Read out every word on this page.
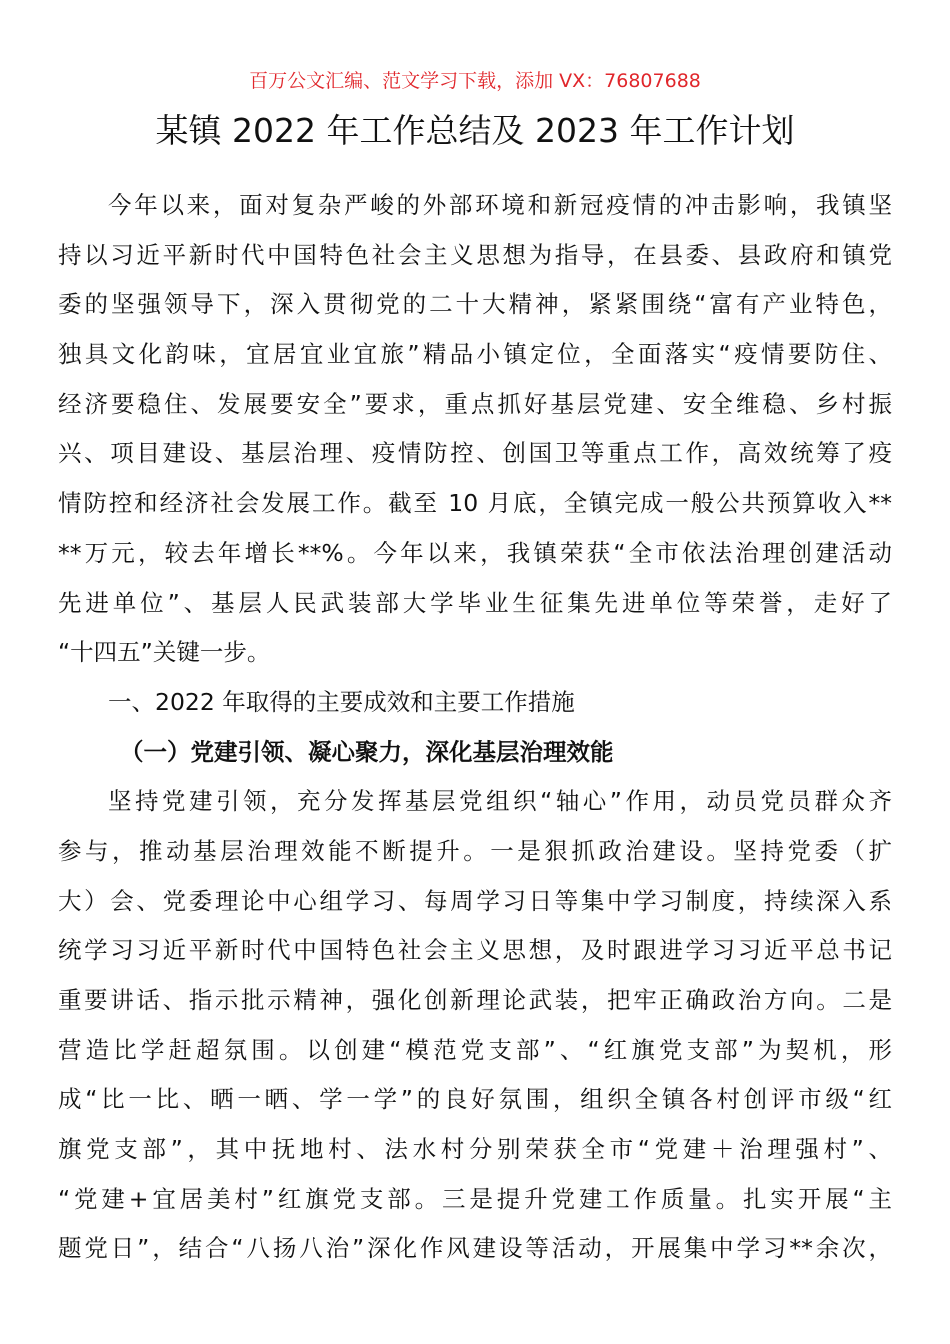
百万公文汇编、范文学习下载，添加 VX：76807688
某镇 2022 年工作总结及 2023 年工作计划
今年以来，面对复杂严峻的外部环境和新冠疫情的冲击影响，我镇坚
持以习近平新时代中国特色社会主义思想为指导，在县委、县政府和镇党
委的坚强领导下，深入贯彻党的二十大精神，紧紧围绕“富有产业特色，
独具文化韵味，宜居宜业宜旅”精品小镇定位，全面落实“疫情要防住、
经济要稳住、发展要安全”要求，重点抓好基层党建、安全维稳、乡村振
兴、项目建设、基层治理、疫情防控、创国卫等重点工作，高效统筹了疫
情防控和经济社会发展工作。截至 10 月底，全镇完成一般公共预算收入**
**万元，较去年增长**%。今年以来，我镇荣获“全市依法治理创建活动
先进单位”、基层人民武装部大学毕业生征集先进单位等荣誉，走好了
“十四五”关键一步。
一、2022 年取得的主要成效和主要工作措施
（一）党建引领、凝心聚力，深化基层治理效能
坚持党建引领，充分发挥基层党组织“轴心”作用，动员党员群众齐
参与，推动基层治理效能不断提升。一是狠抓政治建设。坚持党委（扩
大）会、党委理论中心组学习、每周学习日等集中学习制度，持续深入系
统学习习近平新时代中国特色社会主义思想，及时跟进学习习近平总书记
重要讲话、指示批示精神，强化创新理论武装，把牢正确政治方向。二是
营造比学赶超氛围。以创建“模范党支部”、“红旗党支部”为契机，形
成“比一比、晒一晒、学一学”的良好氛围，组织全镇各村创评市级“红
旗党支部”，其中抚地村、法水村分别荣获全市“党建＋治理强村”、
“党建+宜居美村”红旗党支部。三是提升党建工作质量。扎实开展“主
题党日”，结合“八扬八治”深化作风建设等活动，开展集中学习**余次，
